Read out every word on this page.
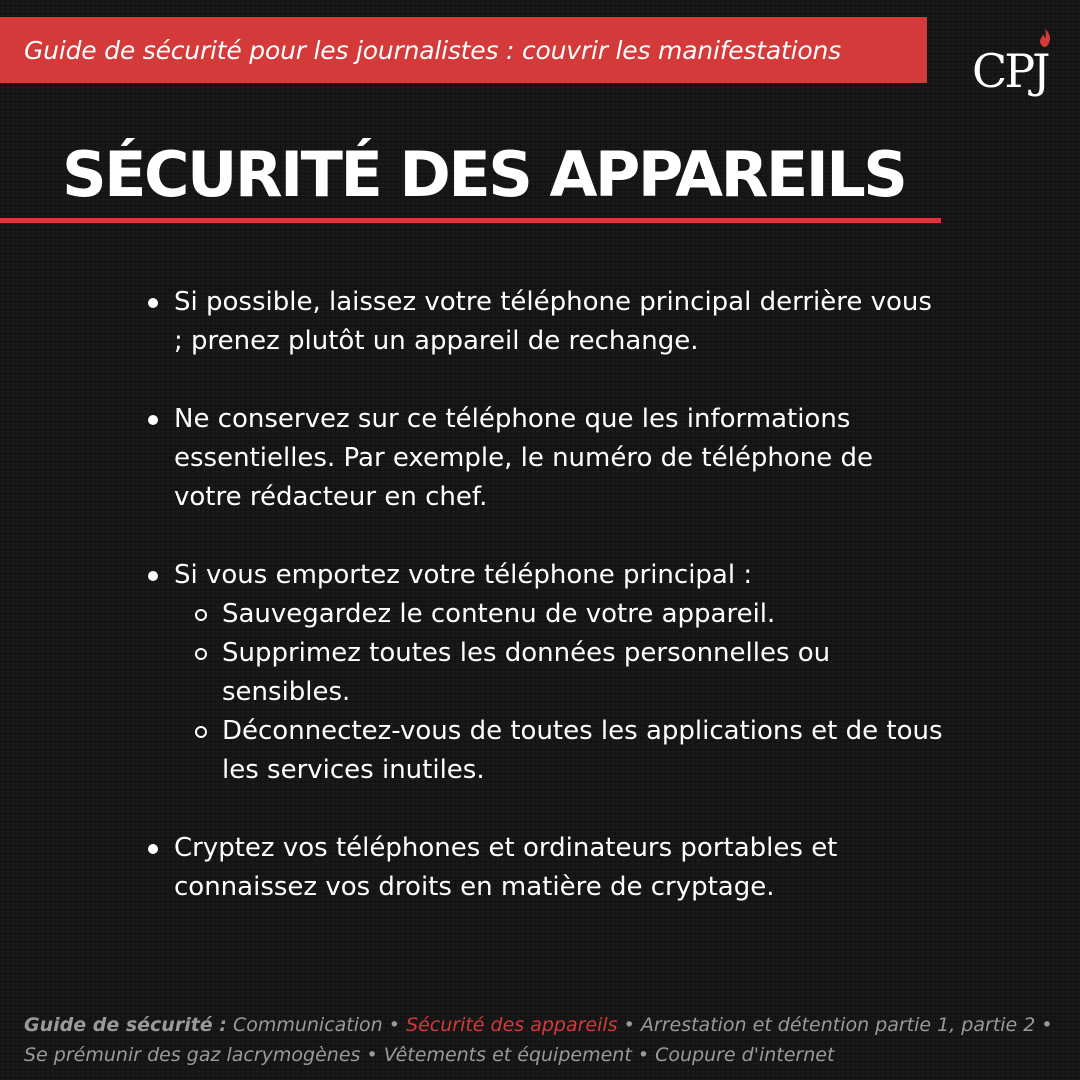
Guide de sécurité pour les journalistes : couvrir les manifestations	CPJ
SÉCURITÉ DES APPAREILS
Si possible, laissez votre téléphone principal derrière vous ; prenez plutôt un appareil de rechange.
Ne conservez sur ce téléphone que les informations essentielles. Par exemple, le numéro de téléphone de votre rédacteur en chef.
Si vous emportez votre téléphone principal :
Sauvegardez le contenu de votre appareil.
Supprimez toutes les données personnelles ou sensibles.
Déconnectez-vous de toutes les applications et de tous les services inutiles.
Cryptez vos téléphones et ordinateurs portables et connaissez vos droits en matière de cryptage.
Guide de sécurité : Communication • Sécurité des appareils • Arrestation et détention partie 1, partie 2 •
Se prémunir des gaz lacrymogènes • Vêtements et équipement • Coupure d'internet
